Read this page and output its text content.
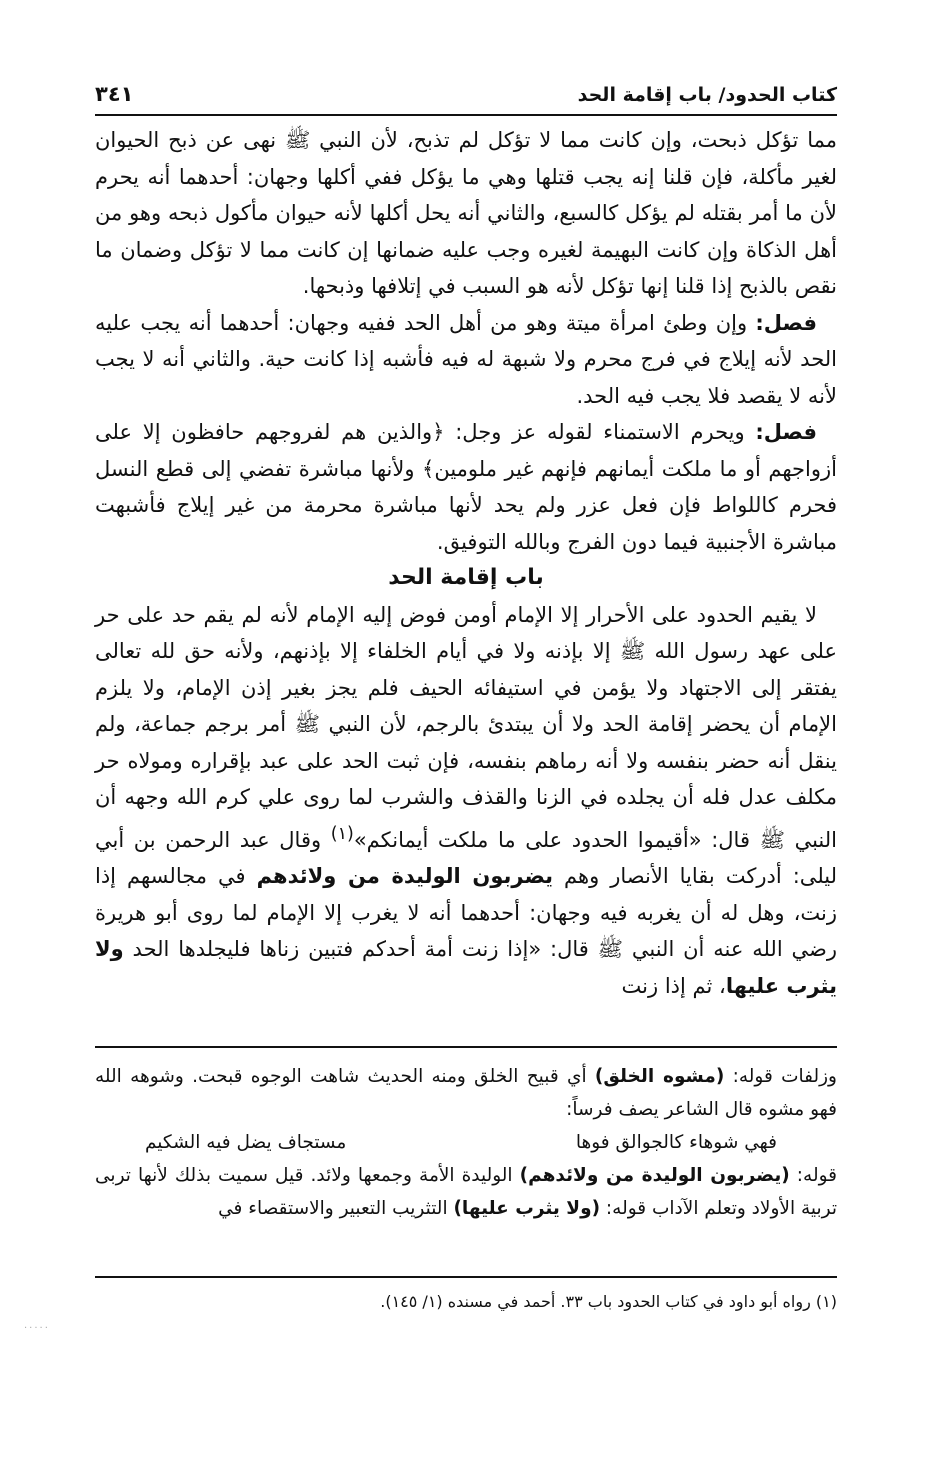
كتاب الحدود/ باب إقامة الحد
٣٤١

مما تؤكل ذبحت، وإن كانت مما لا تؤكل لم تذبح، لأن النبي ﷺ نهى عن ذبح الحيوان لغير مأكلة، فإن قلنا إنه يجب قتلها وهي ما يؤكل ففي أكلها وجهان: أحدهما أنه يحرم لأن ما أمر بقتله لم يؤكل كالسبع، والثاني أنه يحل أكلها لأنه حيوان مأكول ذبحه وهو من أهل الذكاة وإن كانت البهيمة لغيره وجب عليه ضمانها إن كانت مما لا تؤكل وضمان ما نقص بالذبح إذا قلنا إنها تؤكل لأنه هو السبب في إتلافها وذبحها.

فصل: وإن وطئ امرأة ميتة وهو من أهل الحد ففيه وجهان: أحدهما أنه يجب عليه الحد لأنه إيلاج في فرج محرم ولا شبهة له فيه فأشبه إذا كانت حية. والثاني أنه لا يجب لأنه لا يقصد فلا يجب فيه الحد.

فصل: ويحرم الاستمناء لقوله عز وجل: ﴿والذين هم لفروجهم حافظون إلا على أزواجهم أو ما ملكت أيمانهم فإنهم غير ملومين﴾ ولأنها مباشرة تفضي إلى قطع النسل فحرم كاللواط فإن فعل عزر ولم يحد لأنها مباشرة محرمة من غير إيلاج فأشبهت مباشرة الأجنبية فيما دون الفرج وبالله التوفيق.

باب إقامة الحد

لا يقيم الحدود على الأحرار إلا الإمام أومن فوض إليه الإمام لأنه لم يقم حد على حر على عهد رسول الله ﷺ إلا بإذنه ولا في أيام الخلفاء إلا بإذنهم، ولأنه حق لله تعالى يفتقر إلى الاجتهاد ولا يؤمن في استيفائه الحيف فلم يجز بغير إذن الإمام، ولا يلزم الإمام أن يحضر إقامة الحد ولا أن يبتدئ بالرجم، لأن النبي ﷺ أمر برجم جماعة، ولم ينقل أنه حضر بنفسه ولا أنه رماهم بنفسه، فإن ثبت الحد على عبد بإقراره ومولاه حر مكلف عدل فله أن يجلده في الزنا والقذف والشرب لما روى علي كرم الله وجهه أن النبي ﷺ قال: «أقيموا الحدود على ما ملكت أيمانكم»$^{(١)}$ وقال عبد الرحمن بن أبي ليلى: أدركت بقايا الأنصار وهم يضربون الوليدة من ولائدهم في مجالسهم إذا زنت، وهل له أن يغربه فيه وجهان: أحدهما أنه لا يغرب إلا الإمام لما روى أبو هريرة رضي الله عنه أن النبي ﷺ قال: «إذا زنت أمة أحدكم فتبين زناها فليجلدها الحد ولا يثرب عليها، ثم إذا زنت

وزلفات قوله: (مشوه الخلق) أي قبيح الخلق ومنه الحديث شاهت الوجوه قبحت. وشوهه الله فهو مشوه قال الشاعر يصف فرساً:

فهي شوهاء كالجوالق فوها
مستجاف يضل فيه الشكيم

قوله: (يضربون الوليدة من ولائدهم) الوليدة الأمة وجمعها ولائد. قيل سميت بذلك لأنها تربى تربية الأولاد وتعلم الآداب قوله: (ولا يثرب عليها) التثريب التعبير والاستقصاء في

(١) رواه أبو داود في كتاب الحدود باب ٣٣. أحمد في مسنده (١/ ١٤٥).
.....
